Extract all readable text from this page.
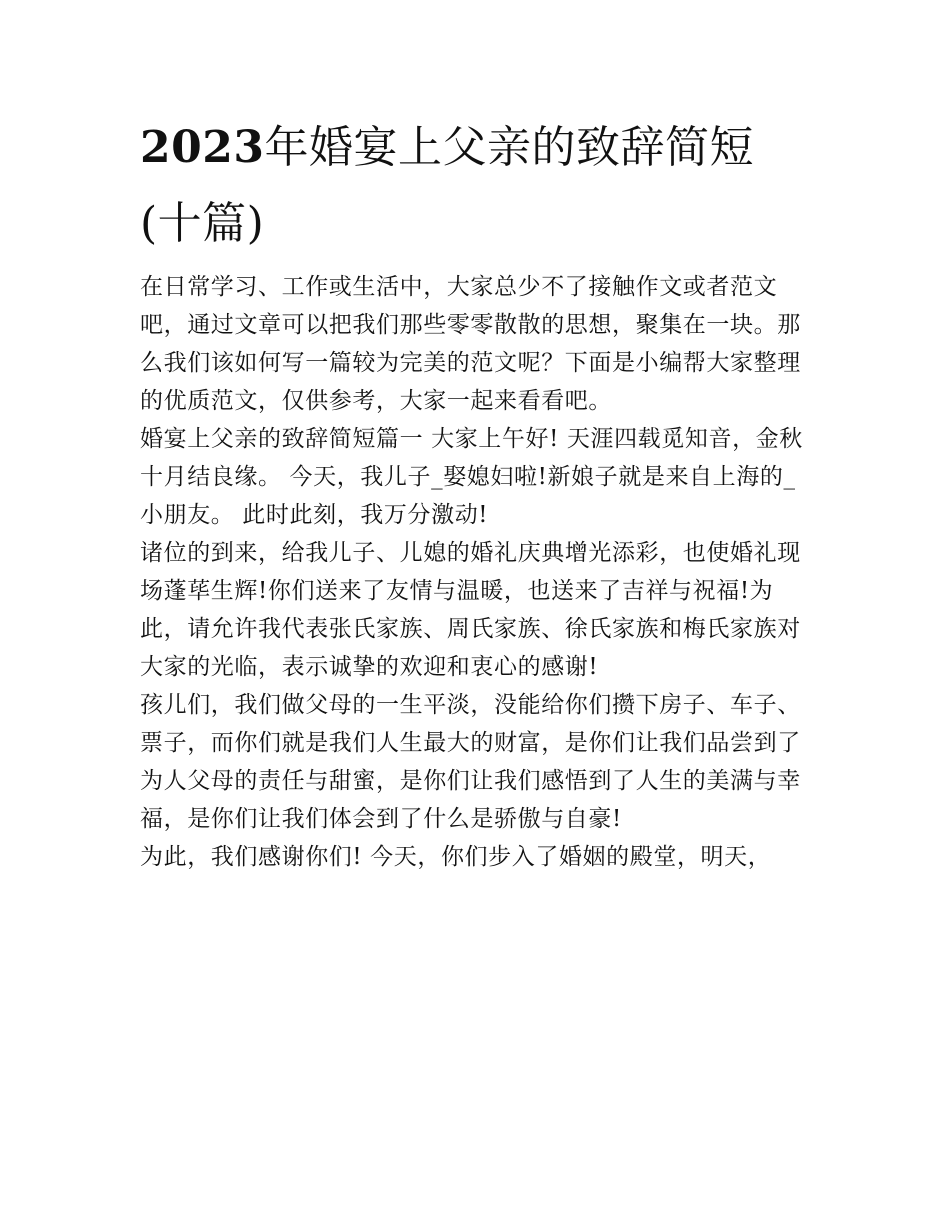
2023年婚宴上父亲的致辞简短(十篇)

在日常学习、工作或生活中，大家总少不了接触作文或者范文吧，通过文章可以把我们那些零零散散的思想，聚集在一块。那么我们该如何写一篇较为完美的范文呢？下面是小编帮大家整理的优质范文，仅供参考，大家一起来看看吧。

婚宴上父亲的致辞简短篇一 大家上午好! 天涯四载觅知音，金秋十月结良缘。 今天，我儿子_娶媳妇啦!新娘子就是来自上海的_小朋友。 此时此刻，我万分激动!

诸位的到来，给我儿子、儿媳的婚礼庆典增光添彩，也使婚礼现场蓬荜生辉!你们送来了友情与温暖，也送来了吉祥与祝福!为此，请允许我代表张氏家族、周氏家族、徐氏家族和梅氏家族对大家的光临，表示诚挚的欢迎和衷心的感谢!

孩儿们，我们做父母的一生平淡，没能给你们攒下房子、车子、票子，而你们就是我们人生最大的财富，是你们让我们品尝到了为人父母的责任与甜蜜，是你们让我们感悟到了人生的美满与幸福，是你们让我们体会到了什么是骄傲与自豪!

为此，我们感谢你们! 今天，你们步入了婚姻的殿堂，明天，
